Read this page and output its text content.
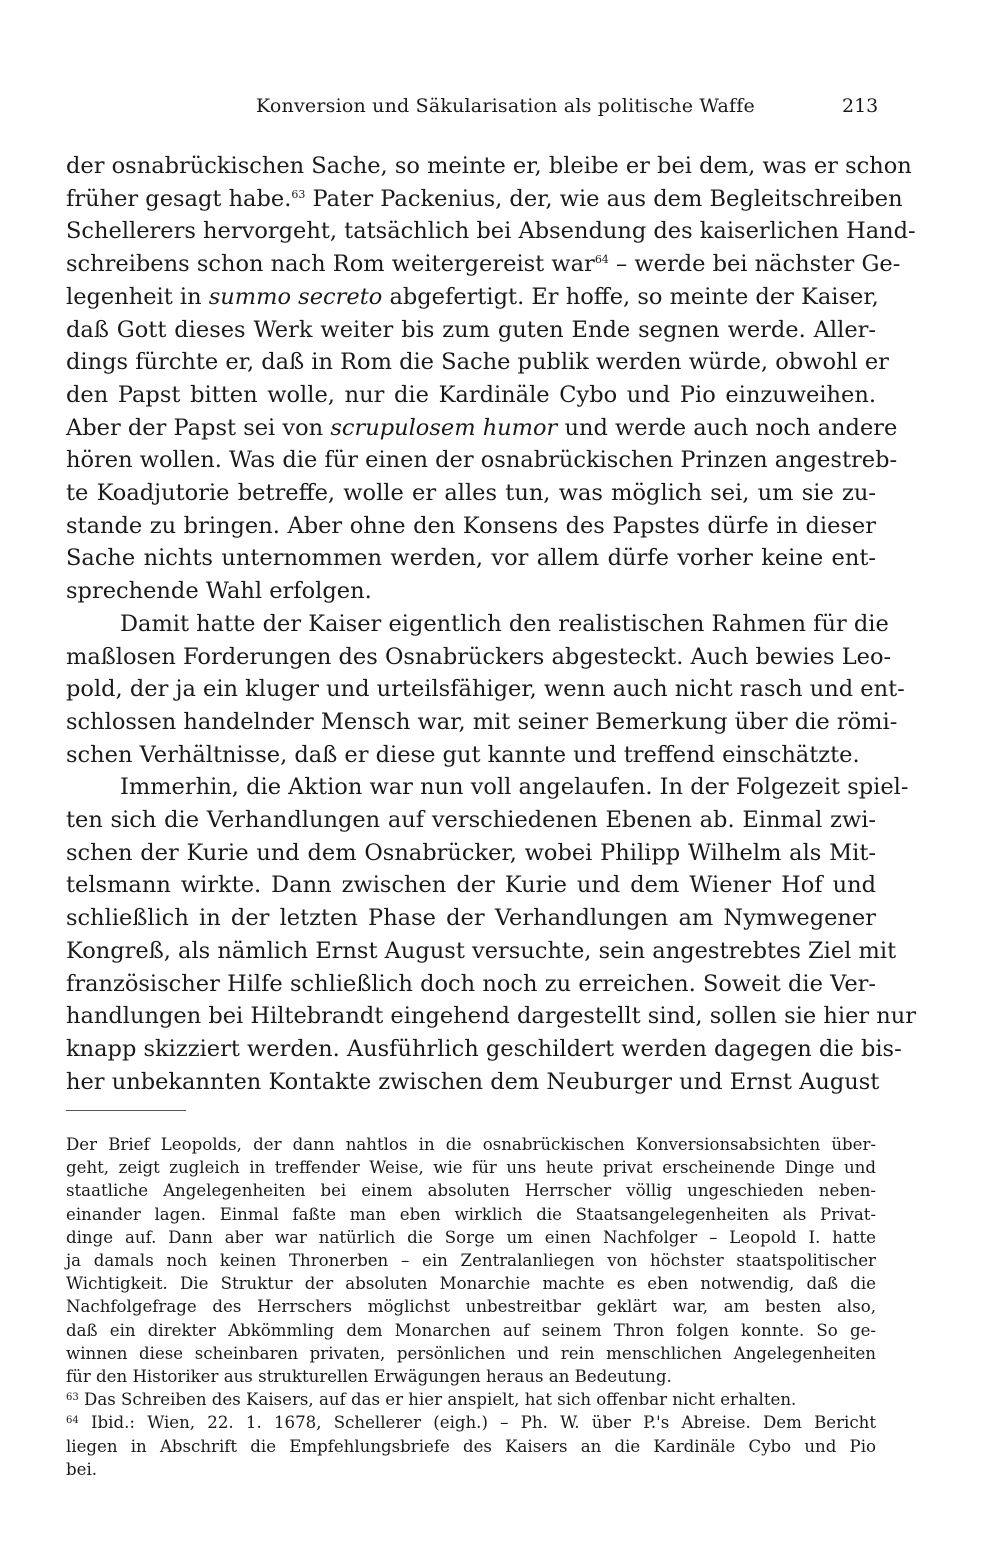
Konversion und Säkularisation als politische Waffe	213
der osnabrückischen Sache, so meinte er, bleibe er bei dem, was er schon
früher gesagt habe.$^{63}$ Pater Packenius, der, wie aus dem Begleitschreiben
Schellerers hervorgeht, tatsächlich bei Absendung des kaiserlichen Hand-
schreibens schon nach Rom weitergereist war$^{64}$ – werde bei nächster Ge-
legenheit in summo secreto abgefertigt. Er hoffe, so meinte der Kaiser,
daß Gott dieses Werk weiter bis zum guten Ende segnen werde. Aller-
dings fürchte er, daß in Rom die Sache publik werden würde, obwohl er
den Papst bitten wolle, nur die Kardinäle Cybo und Pio einzuweihen.
Aber der Papst sei von scrupulosem humor und werde auch noch andere
hören wollen. Was die für einen der osnabrückischen Prinzen angestreb-
te Koadjutorie betreffe, wolle er alles tun, was möglich sei, um sie zu-
stande zu bringen. Aber ohne den Konsens des Papstes dürfe in dieser
Sache nichts unternommen werden, vor allem dürfe vorher keine ent-
sprechende Wahl erfolgen.
Damit hatte der Kaiser eigentlich den realistischen Rahmen für die
maßlosen Forderungen des Osnabrückers abgesteckt. Auch bewies Leo-
pold, der ja ein kluger und urteilsfähiger, wenn auch nicht rasch und ent-
schlossen handelnder Mensch war, mit seiner Bemerkung über die römi-
schen Verhältnisse, daß er diese gut kannte und treffend einschätzte.
Immerhin, die Aktion war nun voll angelaufen. In der Folgezeit spiel-
ten sich die Verhandlungen auf verschiedenen Ebenen ab. Einmal zwi-
schen der Kurie und dem Osnabrücker, wobei Philipp Wilhelm als Mit-
telsmann wirkte. Dann zwischen der Kurie und dem Wiener Hof und
schließlich in der letzten Phase der Verhandlungen am Nymwegener
Kongreß, als nämlich Ernst August versuchte, sein angestrebtes Ziel mit
französischer Hilfe schließlich doch noch zu erreichen. Soweit die Ver-
handlungen bei Hiltebrandt eingehend dargestellt sind, sollen sie hier nur
knapp skizziert werden. Ausführlich geschildert werden dagegen die bis-
her unbekannten Kontakte zwischen dem Neuburger und Ernst August
Der Brief Leopolds, der dann nahtlos in die osnabrückischen Konversionsabsichten über-
geht, zeigt zugleich in treffender Weise, wie für uns heute privat erscheinende Dinge und
staatliche Angelegenheiten bei einem absoluten Herrscher völlig ungeschieden neben-
einander lagen. Einmal faßte man eben wirklich die Staatsangelegenheiten als Privat-
dinge auf. Dann aber war natürlich die Sorge um einen Nachfolger – Leopold I. hatte
ja damals noch keinen Thronerben – ein Zentralanliegen von höchster staatspolitischer
Wichtigkeit. Die Struktur der absoluten Monarchie machte es eben notwendig, daß die
Nachfolgefrage des Herrschers möglichst unbestreitbar geklärt war, am besten also,
daß ein direkter Abkömmling dem Monarchen auf seinem Thron folgen konnte. So ge-
winnen diese scheinbaren privaten, persönlichen und rein menschlichen Angelegenheiten
für den Historiker aus strukturellen Erwägungen heraus an Bedeutung.
$^{63}$ Das Schreiben des Kaisers, auf das er hier anspielt, hat sich offenbar nicht erhalten.
$^{64}$ Ibid.: Wien, 22. 1. 1678, Schellerer (eigh.) – Ph. W. über P.'s Abreise. Dem Bericht
liegen in Abschrift die Empfehlungsbriefe des Kaisers an die Kardinäle Cybo und Pio
bei.
